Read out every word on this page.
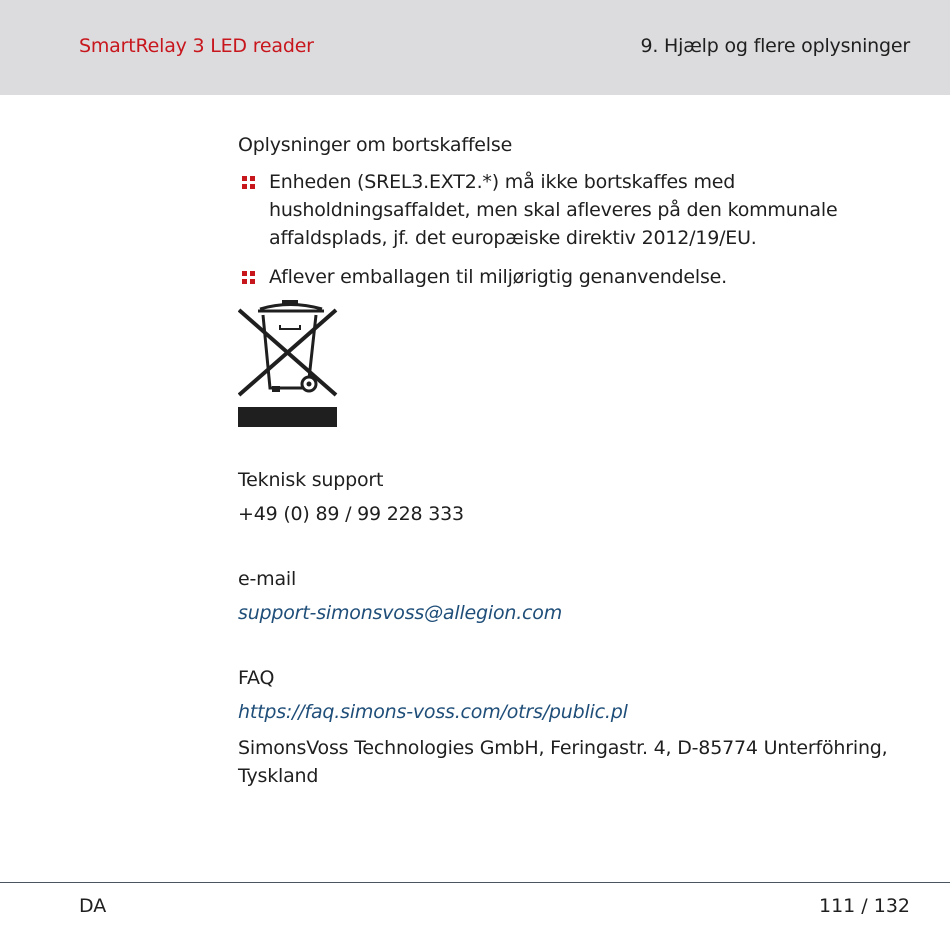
SmartRelay 3 LED reader	9. Hjælp og flere oplysninger
Oplysninger om bortskaffelse
Enheden (SREL3.EXT2.*) må ikke bortskaffes med
husholdningsaffaldet, men skal afleveres på den kommunale
affaldsplads, jf. det europæiske direktiv 2012/19/EU.
Aflever emballagen til miljørigtig genanvendelse.
Teknisk support
+49 (0) 89 / 99 228 333
e-mail
support-simonsvoss@allegion.com
FAQ
https://faq.simons-voss.com/otrs/public.pl
SimonsVoss Technologies GmbH, Feringastr. 4, D-85774 Unterföhring,
Tyskland
DA	111 / 132
